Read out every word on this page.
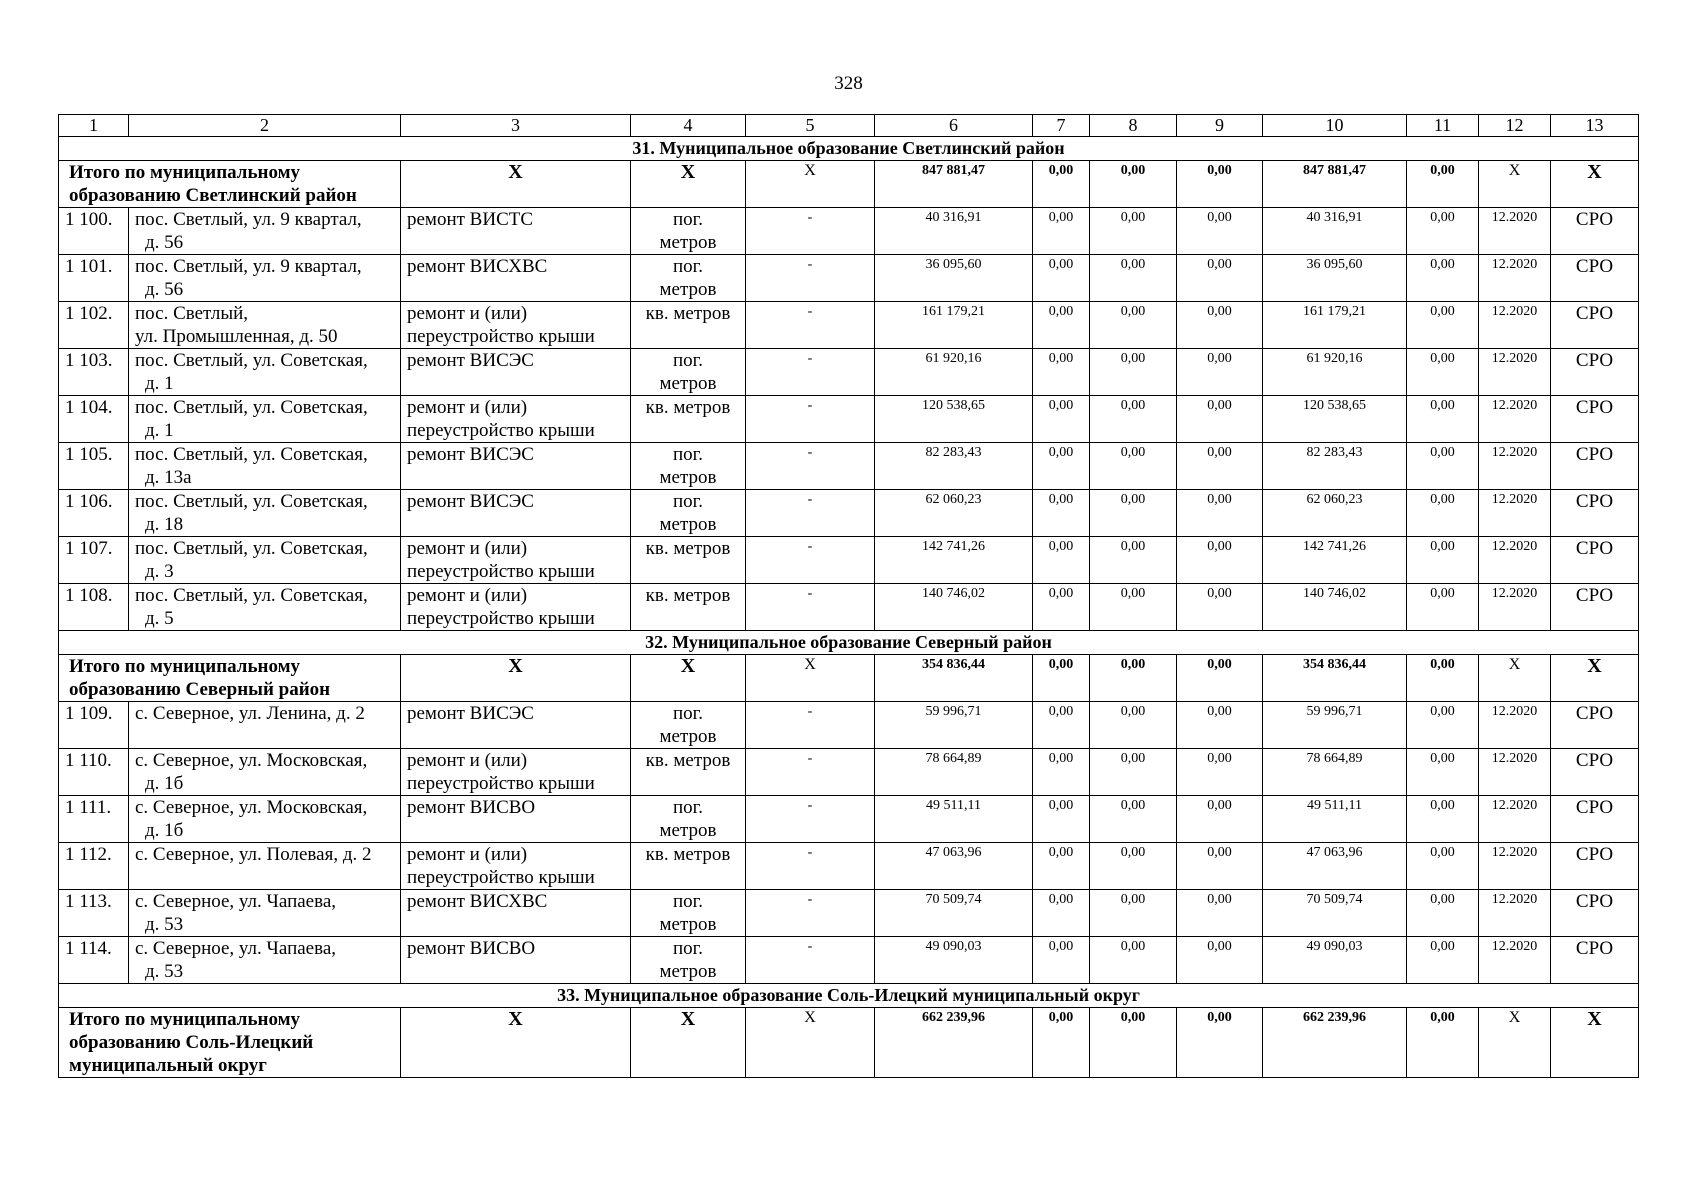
328
1	2	3	4	5	6	7	8	9	10	11	12	13
31. Муниципальное образование Светлинский район												
Итого по муниципальному
образованию Светлинский район		X	X	X	847 881,47	0,00	0,00	0,00	847 881,47	0,00	X	X
1 100.	пос. Светлый, ул. 9 квартал,
д. 56	ремонт ВИСТС	пог.
метров	-	40 316,91	0,00	0,00	0,00	40 316,91	0,00	12.2020	СРО
1 101.	пос. Светлый, ул. 9 квартал,
д. 56	ремонт ВИСХВС	пог.
метров	-	36 095,60	0,00	0,00	0,00	36 095,60	0,00	12.2020	СРО
1 102.	пос. Светлый,
ул. Промышленная, д. 50	ремонт и (или)
переустройство крыши	кв. метров	-	161 179,21	0,00	0,00	0,00	161 179,21	0,00	12.2020	СРО
1 103.	пос. Светлый, ул. Советская,
д. 1	ремонт ВИСЭС	пог.
метров	-	61 920,16	0,00	0,00	0,00	61 920,16	0,00	12.2020	СРО
1 104.	пос. Светлый, ул. Советская,
д. 1	ремонт и (или)
переустройство крыши	кв. метров	-	120 538,65	0,00	0,00	0,00	120 538,65	0,00	12.2020	СРО
1 105.	пос. Светлый, ул. Советская,
д. 13а	ремонт ВИСЭС	пог.
метров	-	82 283,43	0,00	0,00	0,00	82 283,43	0,00	12.2020	СРО
1 106.	пос. Светлый, ул. Советская,
д. 18	ремонт ВИСЭС	пог.
метров	-	62 060,23	0,00	0,00	0,00	62 060,23	0,00	12.2020	СРО
1 107.	пос. Светлый, ул. Советская,
д. 3	ремонт и (или)
переустройство крыши	кв. метров	-	142 741,26	0,00	0,00	0,00	142 741,26	0,00	12.2020	СРО
1 108.	пос. Светлый, ул. Советская,
д. 5	ремонт и (или)
переустройство крыши	кв. метров	-	140 746,02	0,00	0,00	0,00	140 746,02	0,00	12.2020	СРО
32. Муниципальное образование Северный район												
Итого по муниципальному
образованию Северный район		X	X	X	354 836,44	0,00	0,00	0,00	354 836,44	0,00	X	X
1 109.	с. Северное, ул. Ленина, д. 2	ремонт ВИСЭС	пог.
метров	-	59 996,71	0,00	0,00	0,00	59 996,71	0,00	12.2020	СРО
1 110.	с. Северное, ул. Московская,
д. 1б	ремонт и (или)
переустройство крыши	кв. метров	-	78 664,89	0,00	0,00	0,00	78 664,89	0,00	12.2020	СРО
1 111.	с. Северное, ул. Московская,
д. 1б	ремонт ВИСВО	пог.
метров	-	49 511,11	0,00	0,00	0,00	49 511,11	0,00	12.2020	СРО
1 112.	с. Северное, ул. Полевая, д. 2	ремонт и (или)
переустройство крыши	кв. метров	-	47 063,96	0,00	0,00	0,00	47 063,96	0,00	12.2020	СРО
1 113.	с. Северное, ул. Чапаева,
д. 53	ремонт ВИСХВС	пог.
метров	-	70 509,74	0,00	0,00	0,00	70 509,74	0,00	12.2020	СРО
1 114.	с. Северное, ул. Чапаева,
д. 53	ремонт ВИСВО	пог.
метров	-	49 090,03	0,00	0,00	0,00	49 090,03	0,00	12.2020	СРО
33. Муниципальное образование Соль-Илецкий муниципальный округ												
Итого по муниципальному
образованию Соль-Илецкий
муниципальный округ		X	X	X	662 239,96	0,00	0,00	0,00	662 239,96	0,00	X	X
